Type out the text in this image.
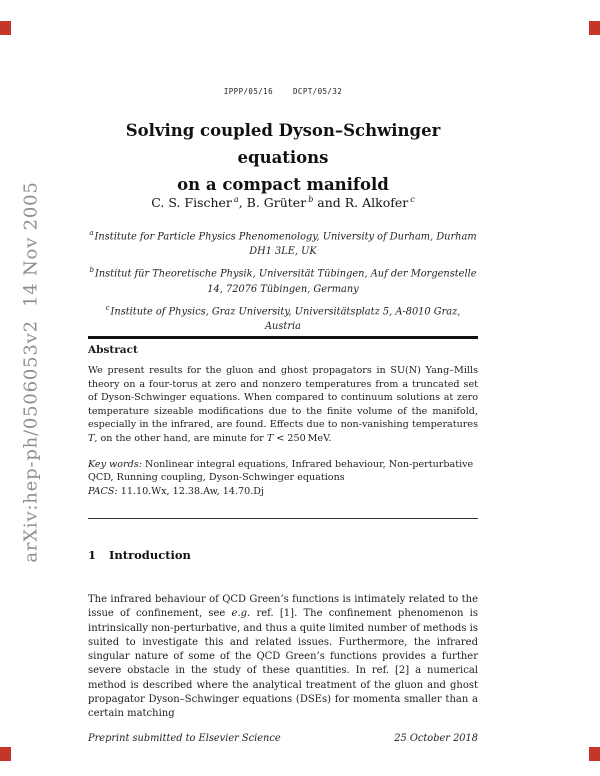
arXiv:hep-ph/0506053v2  14 Nov 2005
IPPP/05/16	DCPT/05/32
Solving coupled Dyson–Schwinger equations
on a compact manifold
C. S. Fischer $^a$, B. Grüter $^b$ and R. Alkofer $^c$
$^a$Institute for Particle Physics Phenomenology, University of Durham, Durham DH1 3LE, UK
$^b$Institut für Theoretische Physik, Universität Tübingen, Auf der Morgenstelle 14, 72076 Tübingen, Germany
$^c$Institute of Physics, Graz University, Universitätsplatz 5, A-8010 Graz, Austria
Abstract

We present results for the gluon and ghost propagators in SU(N) Yang–Mills theory on a four-torus at zero and nonzero temperatures from a truncated set of Dyson-Schwinger equations. When compared to continuum solutions at zero temperature sizeable modifications due to the finite volume of the manifold, especially in the infrared, are found. Effects due to non-vanishing temperatures T, on the other hand, are minute for T < 250 MeV.

Key words: Nonlinear integral equations, Infrared behaviour, Non-perturbative QCD, Running coupling, Dyson-Schwinger equations
PACS: 11.10.Wx, 12.38.Aw, 14.70.Dj
1 Introduction

The infrared behaviour of QCD Green’s functions is intimately related to the issue of confinement, see e.g. ref. [1]. The confinement phenomenon is intrinsically non-perturbative, and thus a quite limited number of methods is suited to investigate this and related issues. Furthermore, the infrared singular nature of some of the QCD Green’s functions provides a further severe obstacle in the study of these quantities. In ref. [2] a numerical method is described where the analytical treatment of the gluon and ghost propagator Dyson–Schwinger equations (DSEs) for momenta smaller than a certain matching

Preprint submitted to Elsevier Science	25 October 2018
